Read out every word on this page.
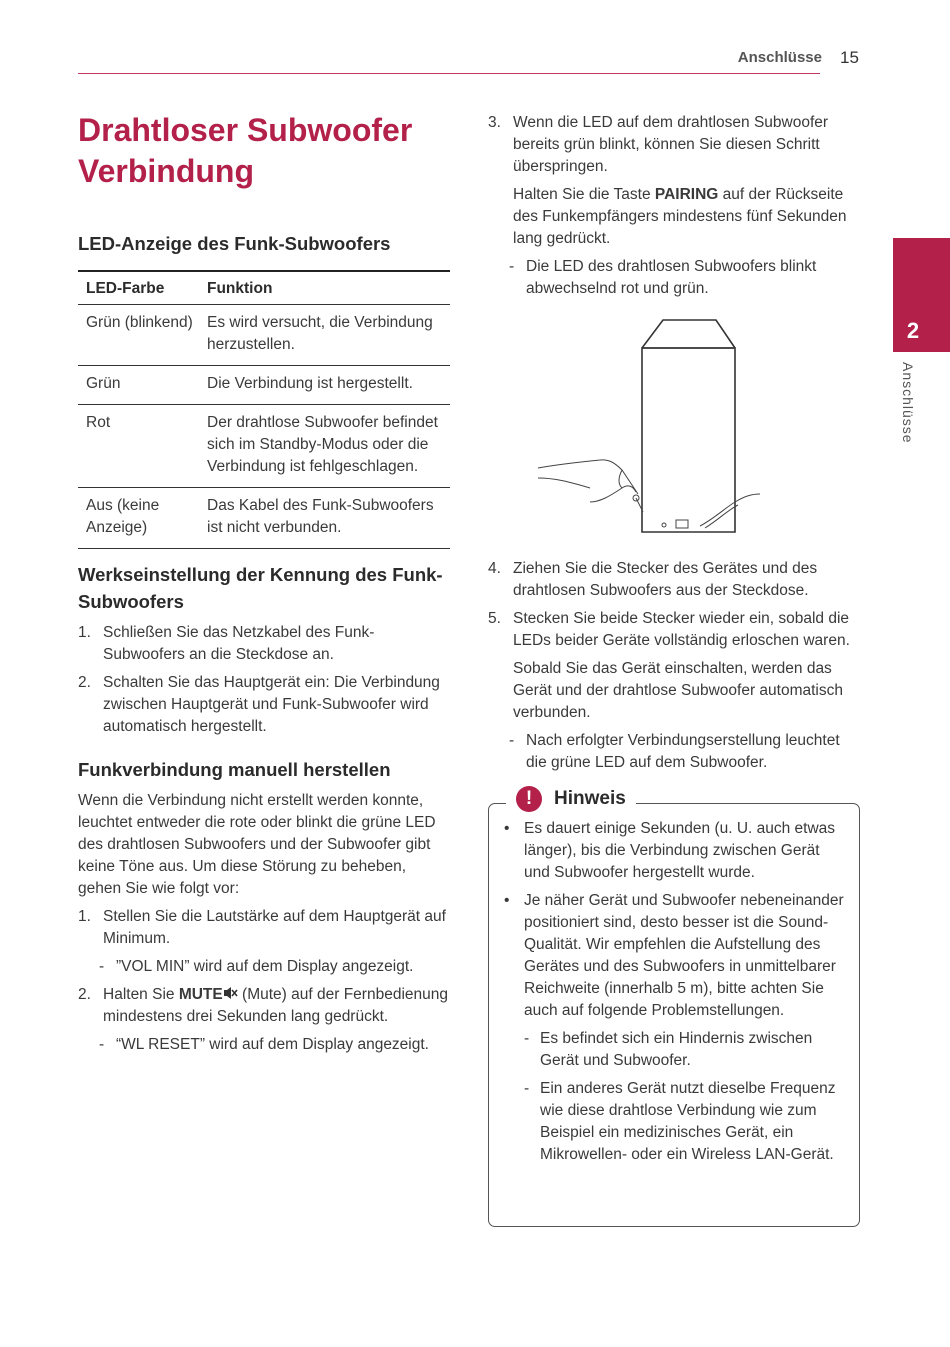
Anschlüsse 15
2
Anschlüsse
Drahtloser Subwoofer Verbindung
LED-Anzeige des Funk-Subwoofers
LED-Farbe	Funktion
Grün (blinkend)	Es wird versucht, die Verbindung herzustellen.
Grün	Die Verbindung ist hergestellt.
Rot	Der drahtlose Subwoofer befindet sich im Standby-Modus oder die Verbindung ist fehlgeschlagen.
Aus (keine Anzeige)	Das Kabel des Funk-Subwoofers ist nicht verbunden.
Werkseinstellung der Kennung des Funk-Subwoofers
1. Schließen Sie das Netzkabel des Funk-Subwoofers an die Steckdose an.
2. Schalten Sie das Hauptgerät ein: Die Verbindung zwischen Hauptgerät und Funk-Subwoofer wird automatisch hergestellt.
Funkverbindung manuell herstellen

Wenn die Verbindung nicht erstellt werden konnte, leuchtet entweder die rote oder blinkt die grüne LED des drahtlosen Subwoofers und der Subwoofer gibt keine Töne aus. Um diese Störung zu beheben, gehen Sie wie folgt vor:

1. Stellen Sie die Lautstärke auf dem Hauptgerät auf Minimum.
- ”VOL MIN” wird auf dem Display angezeigt.
2. Halten Sie MUTE (Mute) auf der Fernbedienung mindestens drei Sekunden lang gedrückt.
- “WL RESET” wird auf dem Display angezeigt.
3. Wenn die LED auf dem drahtlosen Subwoofer bereits grün blinkt, können Sie diesen Schritt überspringen.
Halten Sie die Taste PAIRING auf der Rückseite des Funkempfängers mindestens fünf Sekunden lang gedrückt.
- Die LED des drahtlosen Subwoofers blinkt abwechselnd rot und grün.
4. Ziehen Sie die Stecker des Gerätes und des drahtlosen Subwoofers aus der Steckdose.
5. Stecken Sie beide Stecker wieder ein, sobald die LEDs beider Geräte vollständig erloschen waren.
Sobald Sie das Gerät einschalten, werden das Gerät und der drahtlose Subwoofer automatisch verbunden.
- Nach erfolgter Verbindungserstellung leuchtet die grüne LED auf dem Subwoofer.
!	Hinweis
• Es dauert einige Sekunden (u. U. auch etwas länger), bis die Verbindung zwischen Gerät und Subwoofer hergestellt wurde.
• Je näher Gerät und Subwoofer nebeneinander positioniert sind, desto besser ist die Sound-Qualität. Wir empfehlen die Aufstellung des Gerätes und des Subwoofers in unmittelbarer Reichweite (innerhalb 5 m), bitte achten Sie auch auf folgende Problemstellungen.
- Es befindet sich ein Hindernis zwischen Gerät und Subwoofer.
- Ein anderes Gerät nutzt dieselbe Frequenz wie diese drahtlose Verbindung wie zum Beispiel ein medizinisches Gerät, ein Mikrowellen- oder ein Wireless LAN-Gerät.
